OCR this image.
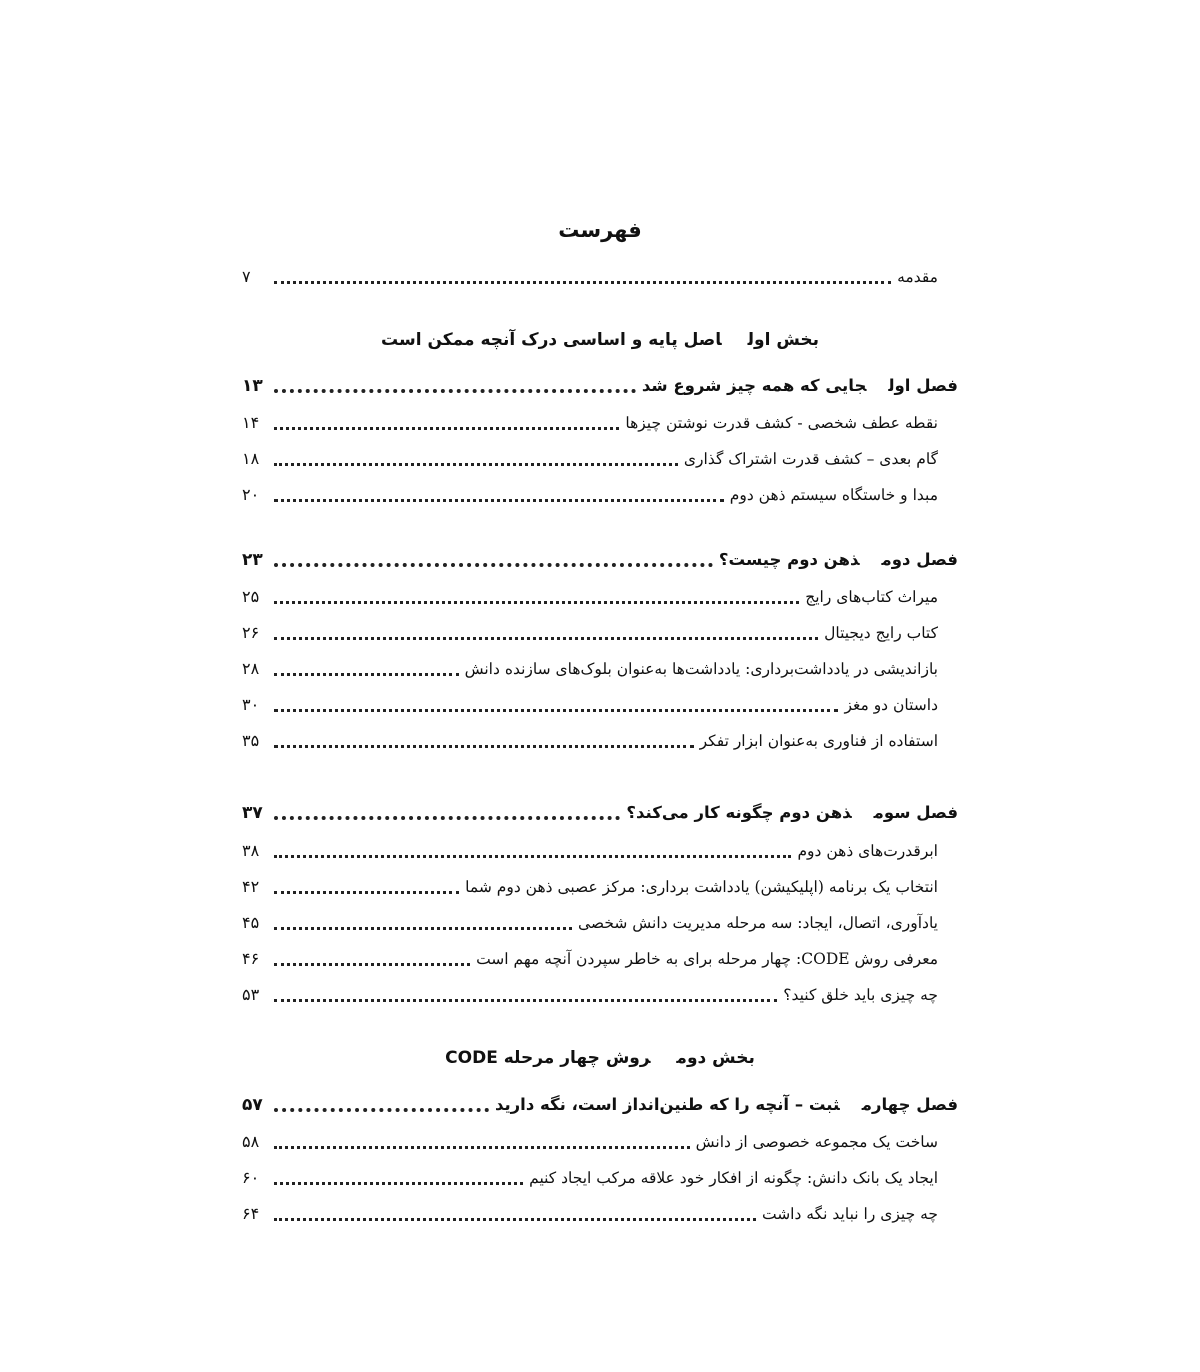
فهرست
مقدمه
۷
بخش اولاصل پایه و اساسی درک آنچه ممکن است
فصل اولجایی که همه چیز شروع شد
۱۳
نقطه عطف شخصی - کشف قدرت نوشتن چیزها
۱۴
گام بعدی – کشف قدرت اشتراک گذاری
۱۸
مبدا و خاستگاه سیستم ذهن دوم
۲۰
فصل دومذهن دوم چیست؟
۲۳
میراث کتاب‌های رایج
۲۵
کتاب رایج دیجیتال
۲۶
بازاندیشی در یادداشت‌برداری: یادداشت‌ها به‌عنوان بلوک‌های سازنده دانش
۲۸
داستان دو مغز
۳۰
استفاده از فناوری به‌عنوان ابزار تفکر
۳۵
فصل سومذهن دوم چگونه کار می‌کند؟
۳۷
ابرقدرت‌های ذهن دوم
۳۸
انتخاب یک برنامه (اپلیکیشن) یادداشت برداری: مرکز عصبی ذهن دوم شما
۴۲
یادآوری، اتصال، ایجاد: سه مرحله مدیریت دانش شخصی
۴۵
معرفی روش CODE: چهار مرحله برای به خاطر سپردن آنچه مهم است
۴۶
چه چیزی باید خلق کنید؟
۵۳
بخش دومروش چهار مرحله CODE
فصل چهارمثبت – آنچه را که طنین‌انداز است، نگه دارید
۵۷
ساخت یک مجموعه خصوصی از دانش
۵۸
ایجاد یک بانک دانش: چگونه از افکار خود علاقه مرکب ایجاد کنیم
۶۰
چه چیزی را نباید نگه داشت
۶۴
